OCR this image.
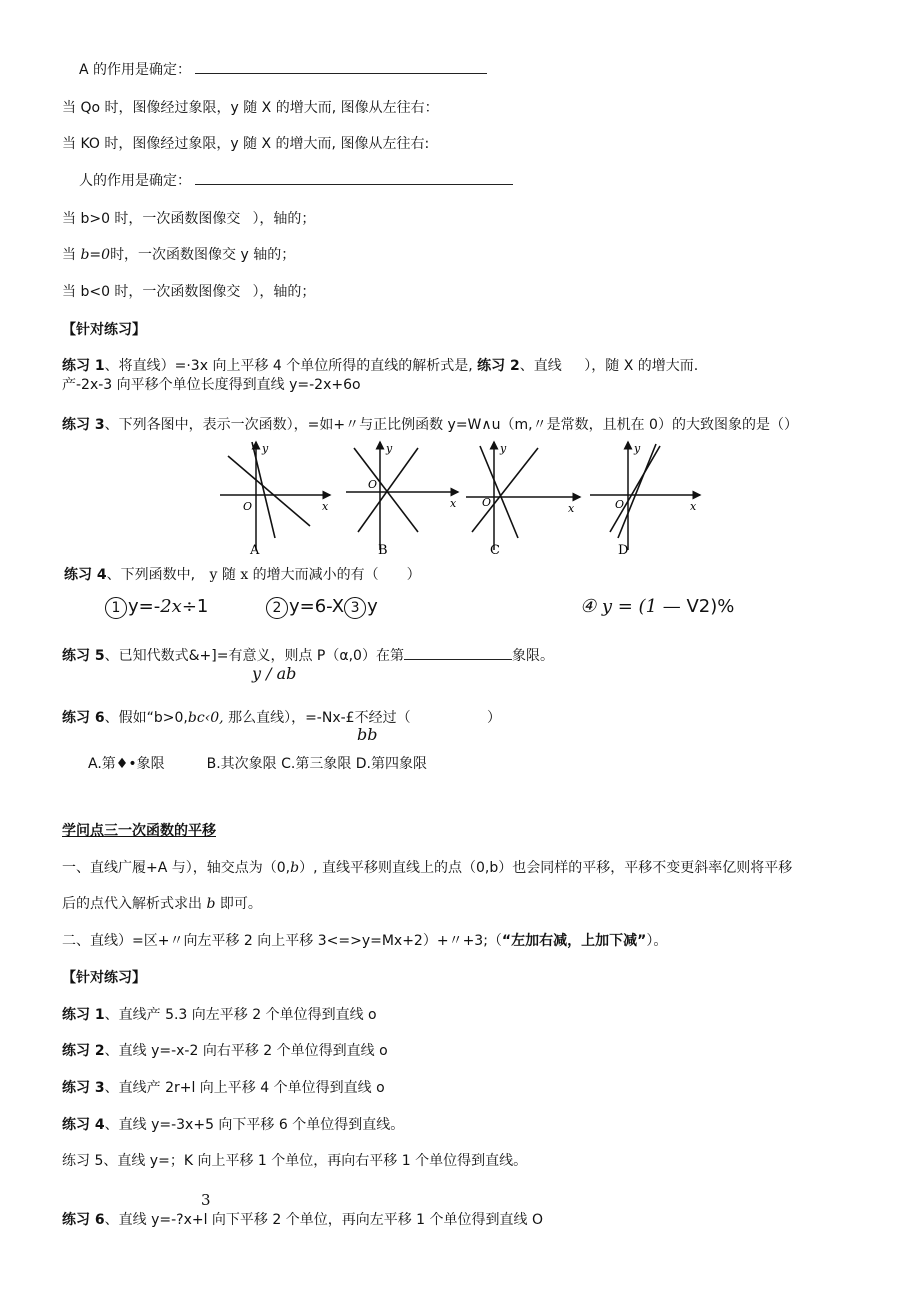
A 的作用是确定：
当 Qo 时，图像经过象限，y 随 X 的增大而, 图像从左往右：
当 KO 时，图像经过象限，y 随 X 的增大而, 图像从左往右:
人的作用是确定：
当 b>0 时，一次函数图像交 ），轴的；
当 b=0时，一次函数图像交 y 轴的；
当 b<0 时，一次函数图像交 ），轴的；
【针对练习】
练习 1、将直线）=·3x 向上平移 4 个单位所得的直线的解析式是, 练习 2、直线 ），随 X 的增大而.
产-2x-3 向平移个单位长度得到直线 y=-2x+6o
练习 3、下列各图中，表示一次函数），=如+〃与正比例函数 y=W∧u（m,〃是常数，且机在 0）的大致图象的是（）
O	x
y
A
O
x
y
B
O	x
y
C
O	x
y
D
练习 4、下列函数中, y 随 x 的增大而减小的有（　　）
1 y=-2x÷1	2 y=6-X 3 y	④ y = (1 — V2)%
练习 5、已知代数式&+]=有意义，则点 P（α,0）在第	象限。
y / ab
练习 6、假如“b>0,bc‹0, 那么直线），=-Nx-£不经过（	）
bb
A.第♦•象限　　　B.其次象限 C.第三象限 D.第四象限
学问点三一次函数的平移
一、直线广履+A 与），轴交点为（0,b）, 直线平移则直线上的点（0,b）也会同样的平移，平移不变更斜率亿则将平移
后的点代入解析式求出 b 即可。
二、直线）=区+〃向左平移 2 向上平移 3<=>y=Mx+2）+〃+3;（“左加右减，上加下减”）。
【针对练习】
练习 1、直线产 5.3 向左平移 2 个单位得到直线 o
练习 2、直线 y=-x-2 向右平移 2 个单位得到直线 o
练习 3、直线产 2r+l 向上平移 4 个单位得到直线 o
练习 4、直线 y=-3x+5 向下平移 6 个单位得到直线。
练习 5、直线 y=；K 向上平移 1 个单位，再向右平移 1 个单位得到直线。
3
练习 6、直线 y=-?x+l 向下平移 2 个单位，再向左平移 1 个单位得到直线 O
